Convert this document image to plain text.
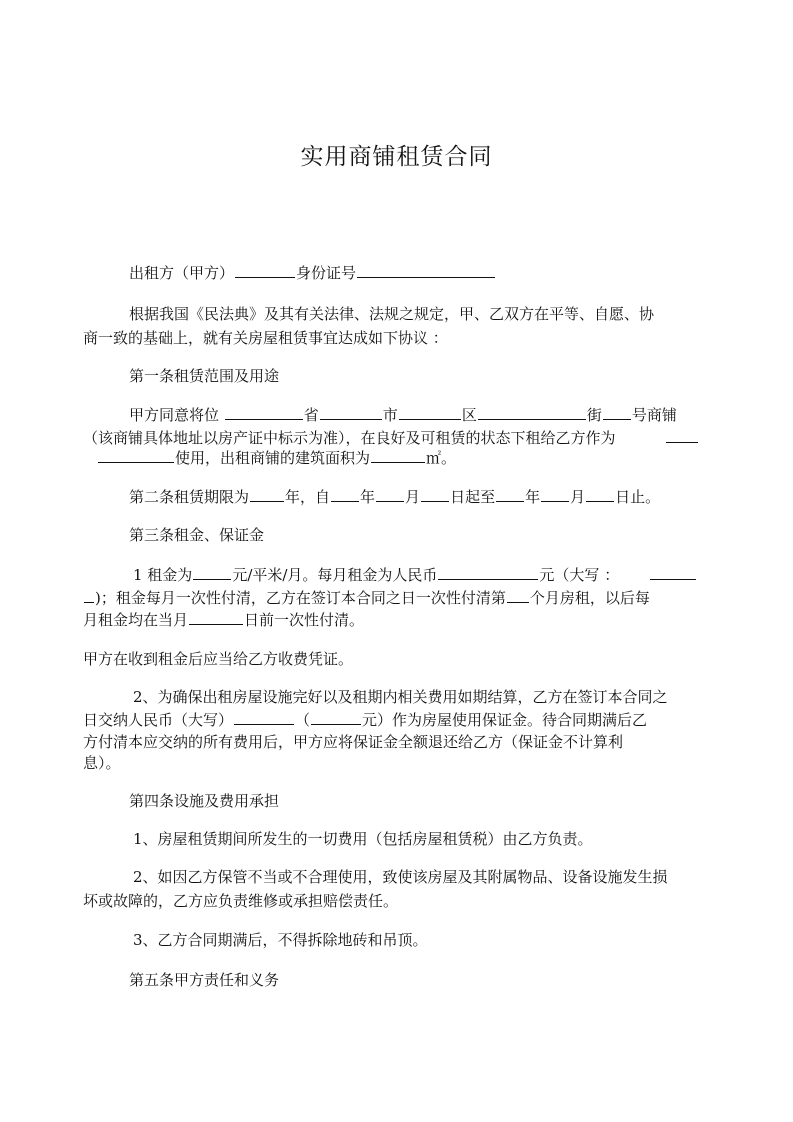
实用商铺租赁合同
出租方（甲方）	身份证号
根据我国《民法典》及其有关法律、法规之规定，甲、乙双方在平等、自愿、协
商一致的基础上，就有关房屋租赁事宜达成如下协议 ：
第一条租赁范围及用途
甲方同意将位	省	市	区	街 号商铺
（该商铺具体地址以房产证中标示为准），在良好及可租赁的状态下租给乙方作为
使用，出租商铺的建筑面积为	㎡。
第二条租赁期限为 年，自 年 月 日起至 年 月 日止。
第三条租金、保证金
1 租金为	元/平米/月。每月租金为人民币	元（大写 ：
)；租金每月一次性付清，乙方在签订本合同之日一次性付清第 个月房租，以后每
月租金均在当月	日前一次性付清。
甲方在收到租金后应当给乙方收费凭证。
2、为确保出租房屋设施完好以及租期内相关费用如期结算，乙方在签订本合同之
日交纳人民币（大写）	（	元）作为房屋使用保证金。待合同期满后乙
方付清本应交纳的所有费用后，甲方应将保证金全额退还给乙方（保证金不计算利
息）。
第四条设施及费用承担
1、房屋租赁期间所发生的一切费用（包括房屋租赁税）由乙方负责。
2、如因乙方保管不当或不合理使用，致使该房屋及其附属物品、设备设施发生损
坏或故障的，乙方应负责维修或承担赔偿责任。
3、乙方合同期满后，不得拆除地砖和吊顶。
第五条甲方责任和义务
